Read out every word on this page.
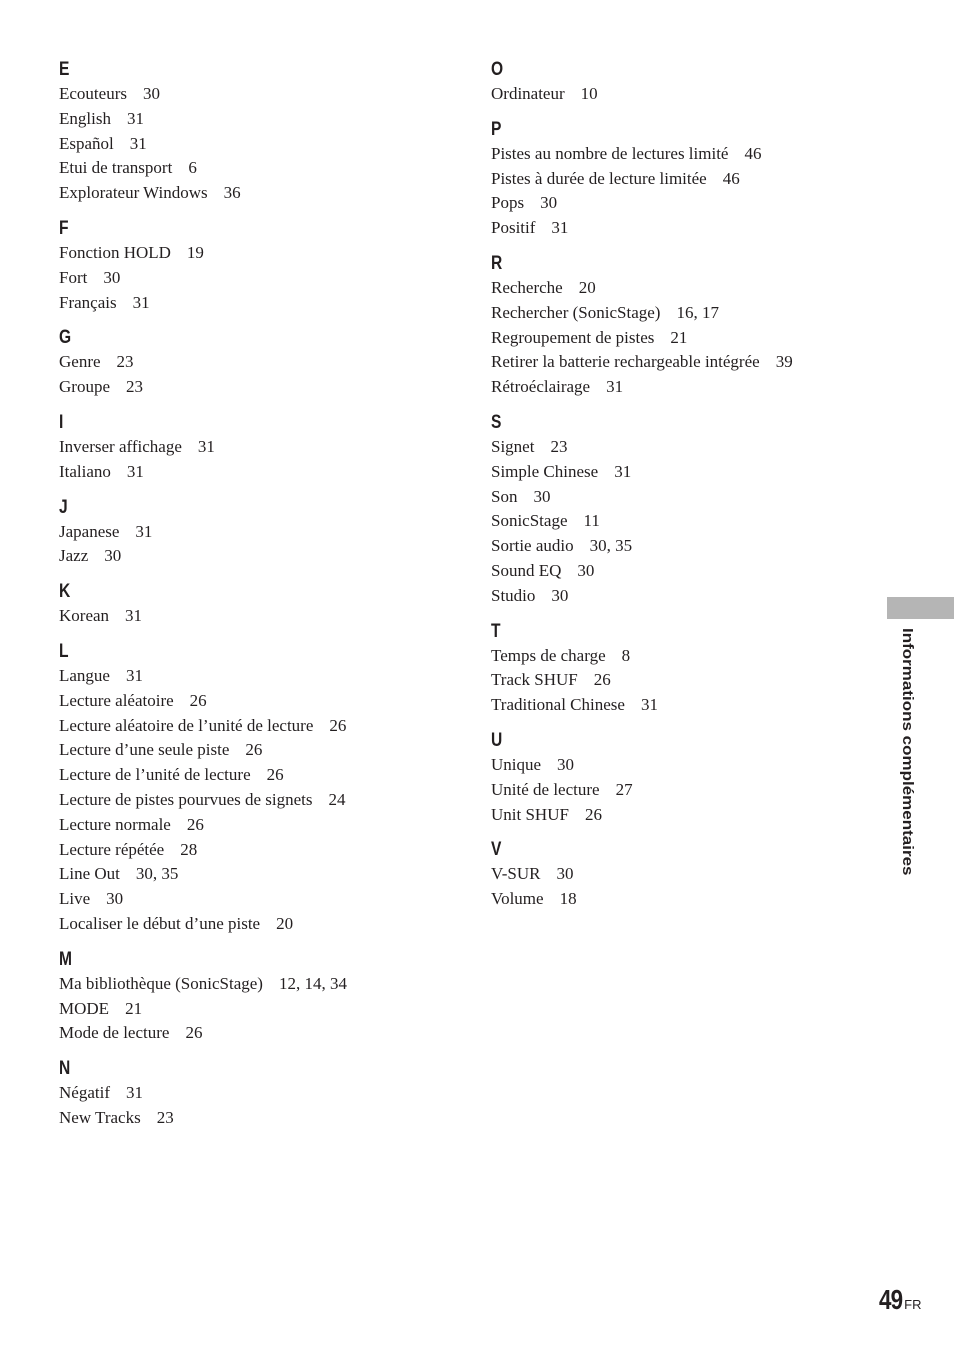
E
Ecouteurs 30
English 31
Español 31
Etui de transport 6
Explorateur Windows 36
F
Fonction HOLD 19
Fort 30
Français 31
G
Genre 23
Groupe 23
I
Inverser affichage 31
Italiano 31
J
Japanese 31
Jazz 30
K
Korean 31
L
Langue 31
Lecture aléatoire 26
Lecture aléatoire de l’unité de lecture 26
Lecture d’une seule piste 26
Lecture de l’unité de lecture 26
Lecture de pistes pourvues de signets 24
Lecture normale 26
Lecture répétée 28
Line Out 30, 35
Live 30
Localiser le début d’une piste 20
M
Ma bibliothèque (SonicStage) 12, 14, 34
MODE 21
Mode de lecture 26
N
Négatif 31
New Tracks 23
O
Ordinateur 10
P
Pistes au nombre de lectures limité 46
Pistes à durée de lecture limitée 46
Pops 30
Positif 31
R
Recherche 20
Rechercher (SonicStage) 16, 17
Regroupement de pistes 21
Retirer la batterie rechargeable intégrée 39
Rétroéclairage 31
S
Signet 23
Simple Chinese 31
Son 30
SonicStage 11
Sortie audio 30, 35
Sound EQ 30
Studio 30
T
Temps de charge 8
Track SHUF 26
Traditional Chinese 31
U
Unique 30
Unité de lecture 27
Unit SHUF 26
V
V-SUR 30
Volume 18
Informations complémentaires
49 FR
